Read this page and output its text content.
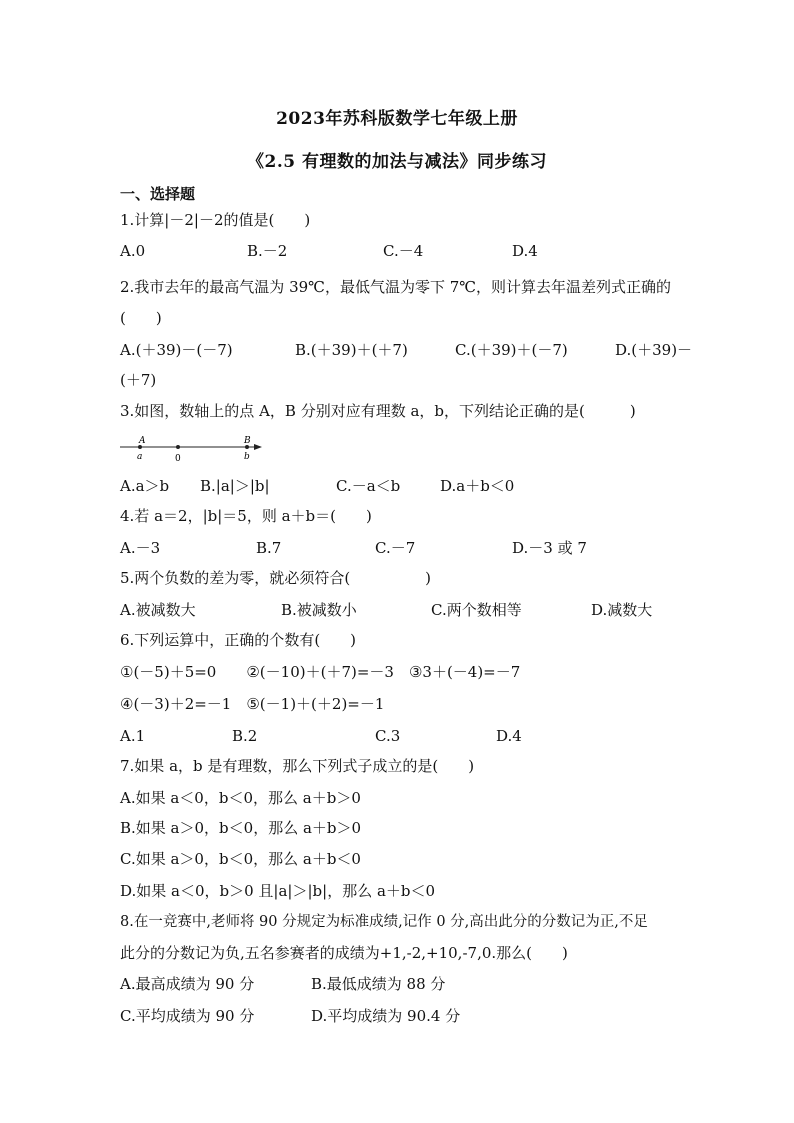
2023年苏科版数学七年级上册
《2.5 有理数的加法与减法》同步练习
一、选择题
1.计算|－2|－2的值是(　　)
A.0	B.－2	C.－4	D.4
2.我市去年的最高气温为 39℃，最低气温为零下 7℃，则计算去年温差列式正确的
(　　)
A.(＋39)－(－7)	B.(＋39)＋(＋7)	C.(＋39)＋(－7)	D.(＋39)－
(＋7)
3.如图，数轴上的点 A，B 分别对应有理数 a，b，下列结论正确的是(　　　)
A
a	0
B
b
A.a＞b B.|a|＞|b|	C.－a＜b	D.a＋b＜0
4.若 a＝2，|b|＝5，则 a＋b＝(　　)
A.－3	B.7	C.－7	D.－3 或 7
5.两个负数的差为零，就必须符合(　　　　　)
A.被减数大	B.被减数小	C.两个数相等	D.减数大
6.下列运算中，正确的个数有(　　)
①(－5)＋5=0　　②(－10)＋(＋7)=－3　③3＋(－4)=－7
④(－3)＋2=－1　⑤(－1)＋(＋2)=－1
A.1	B.2	C.3	D.4
7.如果 a，b 是有理数，那么下列式子成立的是(　　)
A.如果 a＜0，b＜0，那么 a＋b＞0
B.如果 a＞0，b＜0，那么 a＋b＞0
C.如果 a＞0，b＜0，那么 a＋b＜0
D.如果 a＜0，b＞0 且|a|＞|b|，那么 a＋b＜0
8.在一竞赛中,老师将 90 分规定为标准成绩,记作 0 分,高出此分的分数记为正,不足
此分的分数记为负,五名参赛者的成绩为+1,-2,+10,-7,0.那么(　　)
A.最高成绩为 90 分	B.最低成绩为 88 分
C.平均成绩为 90 分	D.平均成绩为 90.4 分
